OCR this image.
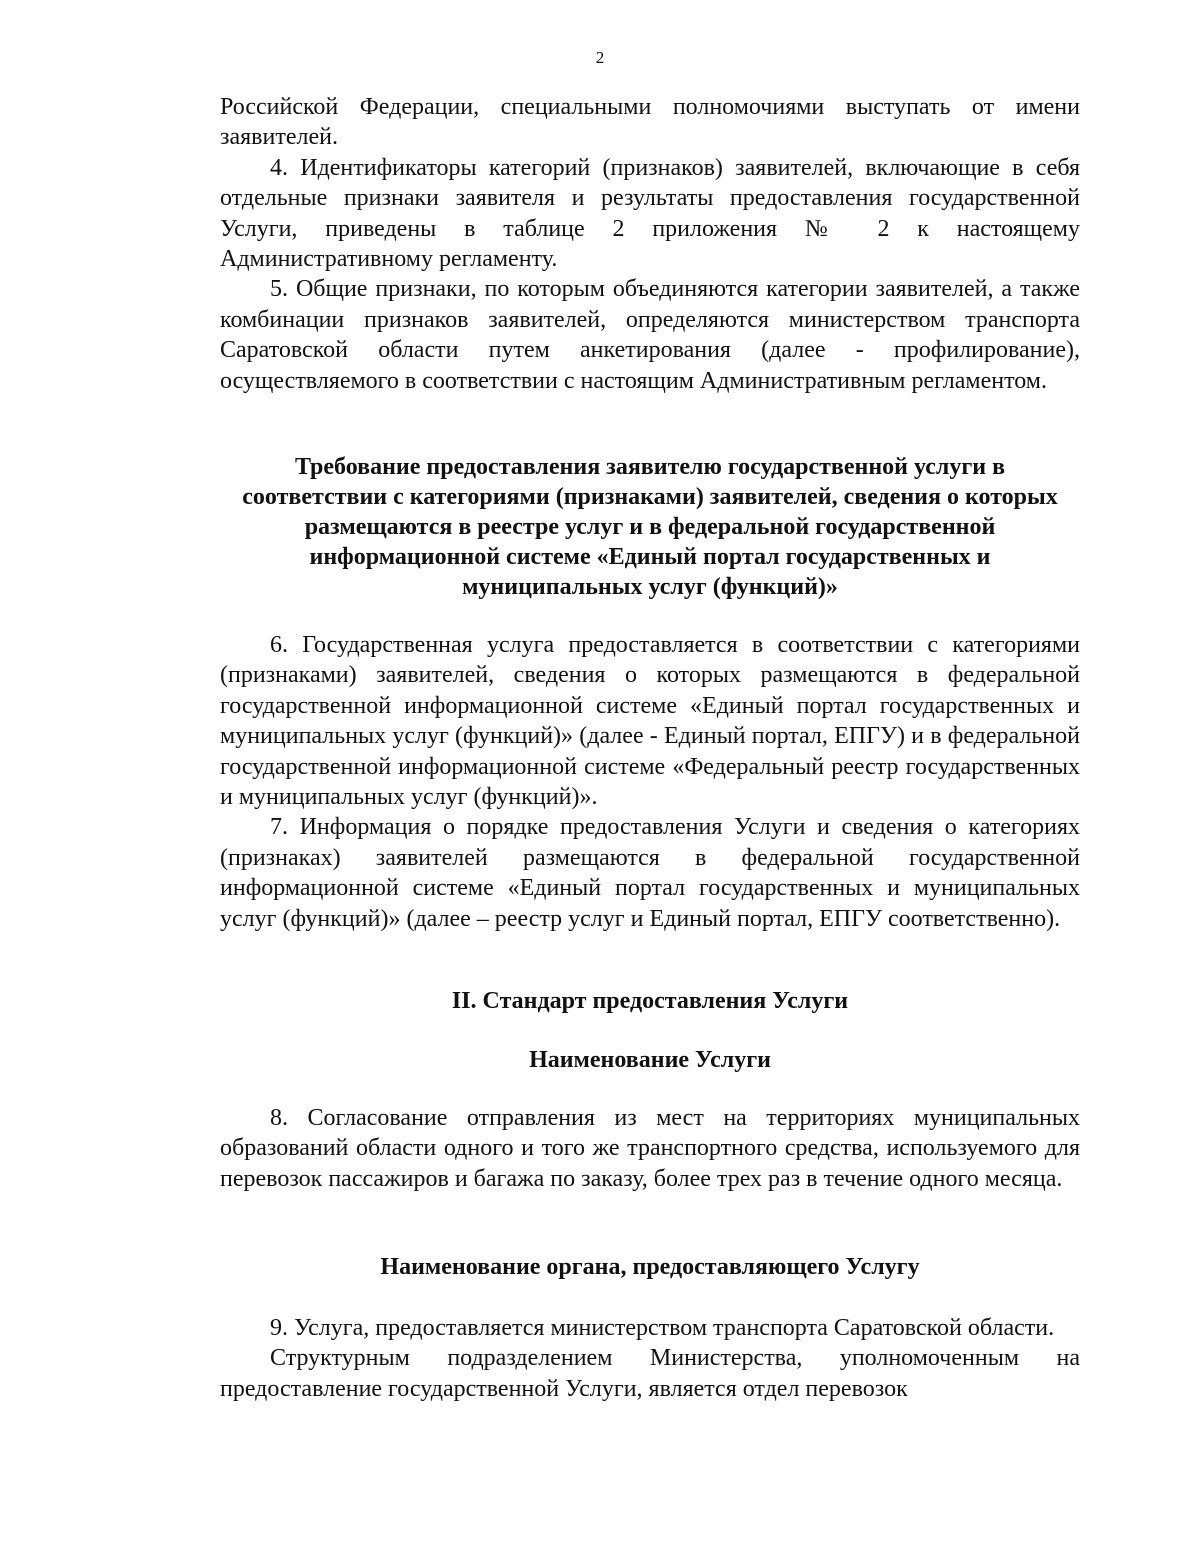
2

Российской Федерации, специальными полномочиями выступать от имени заявителей.

4. Идентификаторы категорий (признаков) заявителей, включающие в себя отдельные признаки заявителя и результаты предоставления государственной Услуги, приведены в таблице 2 приложения № 2 к настоящему Административному регламенту.

5. Общие признаки, по которым объединяются категории заявителей, а также комбинации признаков заявителей, определяются министерством транспорта Саратовской области путем анкетирования (далее - профилирование), осуществляемого в соответствии с настоящим Административным регламентом.

Требование предоставления заявителю государственной услуги в соответствии с категориями (признаками) заявителей, сведения о которых размещаются в реестре услуг и в федеральной государственной информационной системе «Единый портал государственных и муниципальных услуг (функций)»

6. Государственная услуга предоставляется в соответствии с категориями (признаками) заявителей, сведения о которых размещаются в федеральной государственной информационной системе «Единый портал государственных и муниципальных услуг (функций)» (далее - Единый портал, ЕПГУ) и в федеральной государственной информационной системе «Федеральный реестр государственных и муниципальных услуг (функций)».

7. Информация о порядке предоставления Услуги и сведения о категориях (признаках) заявителей размещаются в федеральной государственной информационной системе «Единый портал государственных и муниципальных услуг (функций)» (далее – реестр услуг и Единый портал, ЕПГУ соответственно).

II. Стандарт предоставления Услуги
Наименование Услуги

8. Согласование отправления из мест на территориях муниципальных образований области одного и того же транспортного средства, используемого для перевозок пассажиров и багажа по заказу, более трех раз в течение одного месяца.

Наименование органа, предоставляющего Услугу

9. Услуга, предоставляется министерством транспорта Саратовской области.

Структурным подразделением Министерства, уполномоченным на предоставление государственной Услуги, является отдел перевозок
